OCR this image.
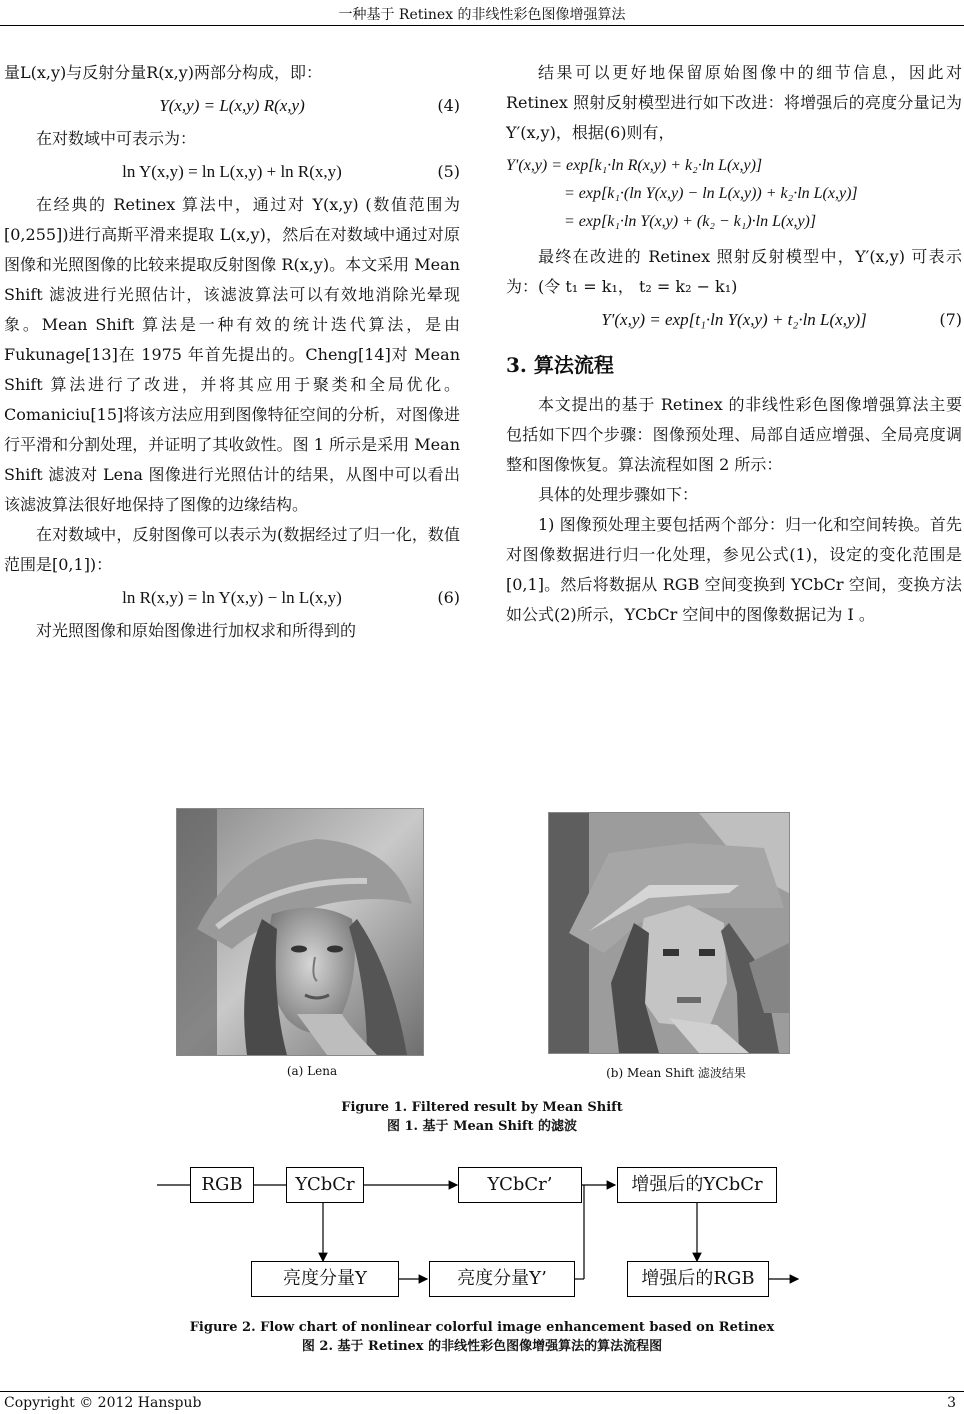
一种基于 Retinex 的非线性彩色图像增强算法

量L(x,y)与反射分量R(x,y)两部分构成，即：

Y(x,y) = L(x,y) R(x,y)	(4)

在对数域中可表示为：

ln Y(x,y) = ln L(x,y) + ln R(x,y)	(5)

在经典的 Retinex 算法中，通过对 Y(x,y) (数值范围为[0,255])进行高斯平滑来提取 L(x,y)，然后在对数域中通过对原图像和光照图像的比较来提取反射图像 R(x,y)。本文采用 Mean Shift 滤波进行光照估计，该滤波算法可以有效地消除光晕现象。Mean Shift 算法是一种有效的统计迭代算法，是由 Fukunage[13]在 1975 年首先提出的。Cheng[14]对 Mean Shift 算法进行了改进，并将其应用于聚类和全局优化。Comaniciu[15]将该方法应用到图像特征空间的分析，对图像进行平滑和分割处理，并证明了其收敛性。图 1 所示是采用 Mean Shift 滤波对 Lena 图像进行光照估计的结果，从图中可以看出该滤波算法很好地保持了图像的边缘结构。

在对数域中，反射图像可以表示为(数据经过了归一化，数值范围是[0,1])：

ln R(x,y) = ln Y(x,y) − ln L(x,y)	(6)

对光照图像和原始图像进行加权求和所得到的

结果可以更好地保留原始图像中的细节信息，因此对 Retinex 照射反射模型进行如下改进：将增强后的亮度分量记为Y′(x,y)，根据(6)则有，

Y′(x,y) = exp[k₁·ln R(x,y) + k₂·ln L(x,y)]
= exp[k₁·(ln Y(x,y) − ln L(x,y)) + k₂·ln L(x,y)]
= exp[k₁·ln Y(x,y) + (k₂ − k₁)·ln L(x,y)]

最终在改进的 Retinex 照射反射模型中，Y′(x,y) 可表示为：(令 t₁ = k₁， t₂ = k₂ − k₁)

Y′(x,y) = exp[t₁·ln Y(x,y) + t₂·ln L(x,y)]	(7)
3. 算法流程

本文提出的基于 Retinex 的非线性彩色图像增强算法主要包括如下四个步骤：图像预处理、局部自适应增强、全局亮度调整和图像恢复。算法流程如图 2 所示：

具体的处理步骤如下：

1) 图像预处理主要包括两个部分：归一化和空间转换。首先对图像数据进行归一化处理，参见公式(1)，设定的变化范围是[0,1]。然后将数据从 RGB 空间变换到 YCbCr 空间，变换方法如公式(2)所示，YCbCr 空间中的图像数据记为 I 。

(a) Lena	(b) Mean Shift 滤波结果
Figure 1. Filtered result by Mean Shift
图 1. 基于 Mean Shift 的滤波
RGB	YCbCr	YCbCr’	增强后的YCbCr
亮度分量Y	亮度分量Y’	增强后的RGB
Figure 2. Flow chart of nonlinear colorful image enhancement based on Retinex
图 2. 基于 Retinex 的非线性彩色图像增强算法的算法流程图
Copyright © 2012 Hanspub	3
